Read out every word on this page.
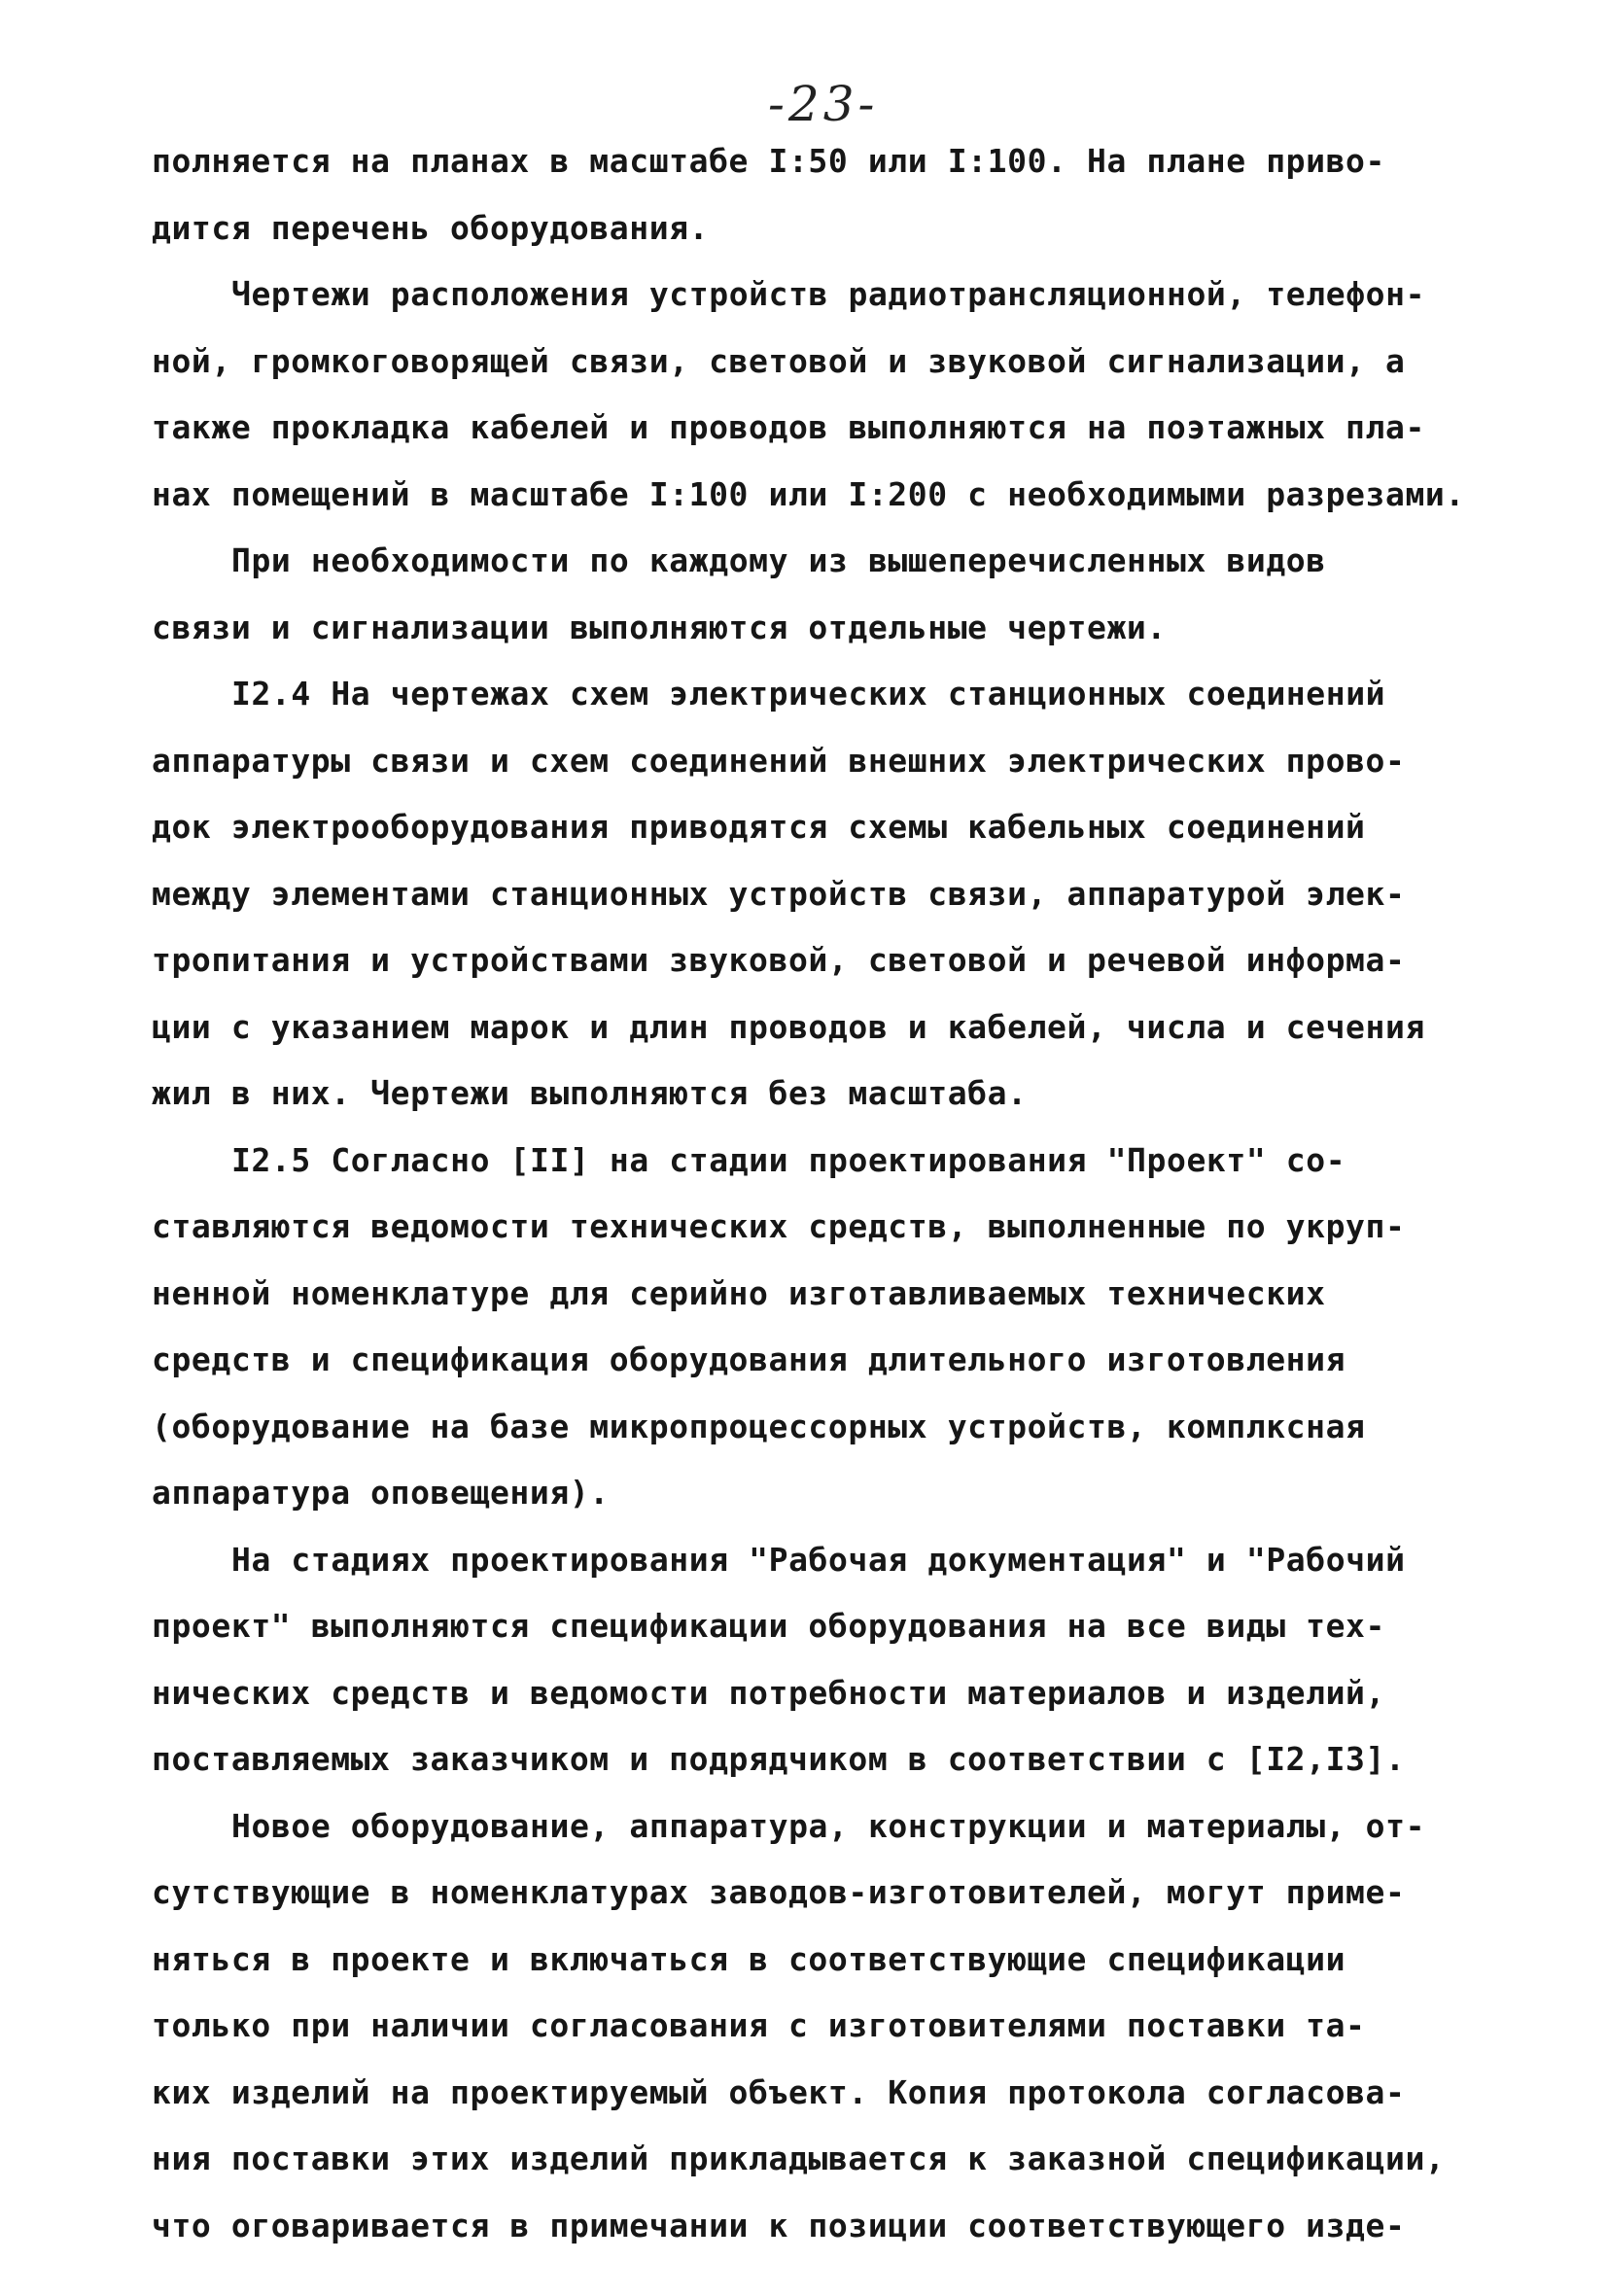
-23-
полняется на планах в масштабе I:50 или I:100. На плане приво-
дится перечень оборудования.
Чертежи расположения устройств радиотрансляционной, телефон-
ной, громкоговорящей связи, световой и звуковой сигнализации, а
также прокладка кабелей и проводов выполняются на поэтажных пла-
нах помещений в масштабе I:100 или I:200 с необходимыми разрезами.
При необходимости по каждому из вышеперечисленных видов
связи и сигнализации выполняются отдельные чертежи.
I2.4 На чертежах схем электрических станционных соединений
аппаратуры связи и схем соединений внешних электрических прово-
док электрооборудования приводятся схемы кабельных соединений
между элементами станционных устройств связи, аппаратурой элек-
тропитания и устройствами звуковой, световой и речевой информа-
ции с указанием марок и длин проводов и кабелей, числа и сечения
жил в них. Чертежи выполняются без масштаба.
I2.5 Согласно [II] на стадии проектирования "Проект" со-
ставляются ведомости технических средств, выполненные по укруп-
ненной номенклатуре для серийно изготавливаемых технических
средств и спецификация оборудования длительного изготовления
(оборудование на базе микропроцессорных устройств, комплксная
аппаратура оповещения).
На стадиях проектирования "Рабочая документация" и "Рабочий
проект" выполняются спецификации оборудования на все виды тех-
нических средств и ведомости потребности материалов и изделий,
поставляемых заказчиком и подрядчиком в соответствии с [I2,I3].
Новое оборудование, аппаратура, конструкции и материалы, от-
сутствующие в номенклатурах заводов-изготовителей, могут приме-
няться в проекте и включаться в соответствующие спецификации
только при наличии согласования с изготовителями поставки та-
ких изделий на проектируемый объект. Копия протокола согласова-
ния поставки этих изделий прикладывается к заказной спецификации,
что оговаривается в примечании к позиции соответствующего изде-
